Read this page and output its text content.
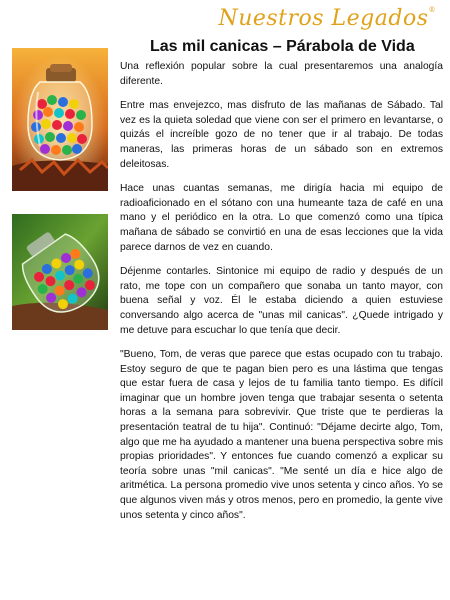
Nuestros Legados®
Las mil canicas – Párabola de Vida

Una reflexión popular sobre la cual presentaremos una analogía diferente.

Entre mas envejezco, mas disfruto de las mañanas de Sábado. Tal vez es la quieta soledad que viene con ser el primero en levantarse, o quizás el increíble gozo de no tener que ir al trabajo. De todas maneras, las primeras horas de un sábado son en extremos deleitosas.

Hace unas cuantas semanas, me dirigía hacia mi equipo de radioaficionado en el sótano con una humeante taza de café en una mano y el periódico en la otra. Lo que comenzó como una típica mañana de sábado se convirtió en una de esas lecciones que la vida parece darnos de vez en cuando.

Déjenme contarles. Sintonice mi equipo de radio y después de un rato, me tope con un compañero que sonaba un tanto mayor, con buena señal y voz. Él le estaba diciendo a quien estuviese conversando algo acerca de "unas mil canicas". ¿Quede intrigado y me detuve para escuchar lo que tenía que decir.

"Bueno, Tom, de veras que parece que estas ocupado con tu trabajo. Estoy seguro de que te pagan bien pero es una lástima que tengas que estar fuera de casa y lejos de tu familia tanto tiempo. Es difícil imaginar que un hombre joven tenga que trabajar sesenta o setenta horas a la semana para sobrevivir. Que triste que te perdieras la presentación teatral de tu hija". Continuó: "Déjame decirte algo, Tom, algo que me ha ayudado a mantener una buena perspectiva sobre mis propias prioridades". Y entonces fue cuando comenzó a explicar su teoría sobre unas "mil canicas". "Me senté un día e hice algo de aritmética. La persona promedio vive unos setenta y cinco años. Yo se que algunos viven más y otros menos, pero en promedio, la gente vive unos setenta y cinco años".
